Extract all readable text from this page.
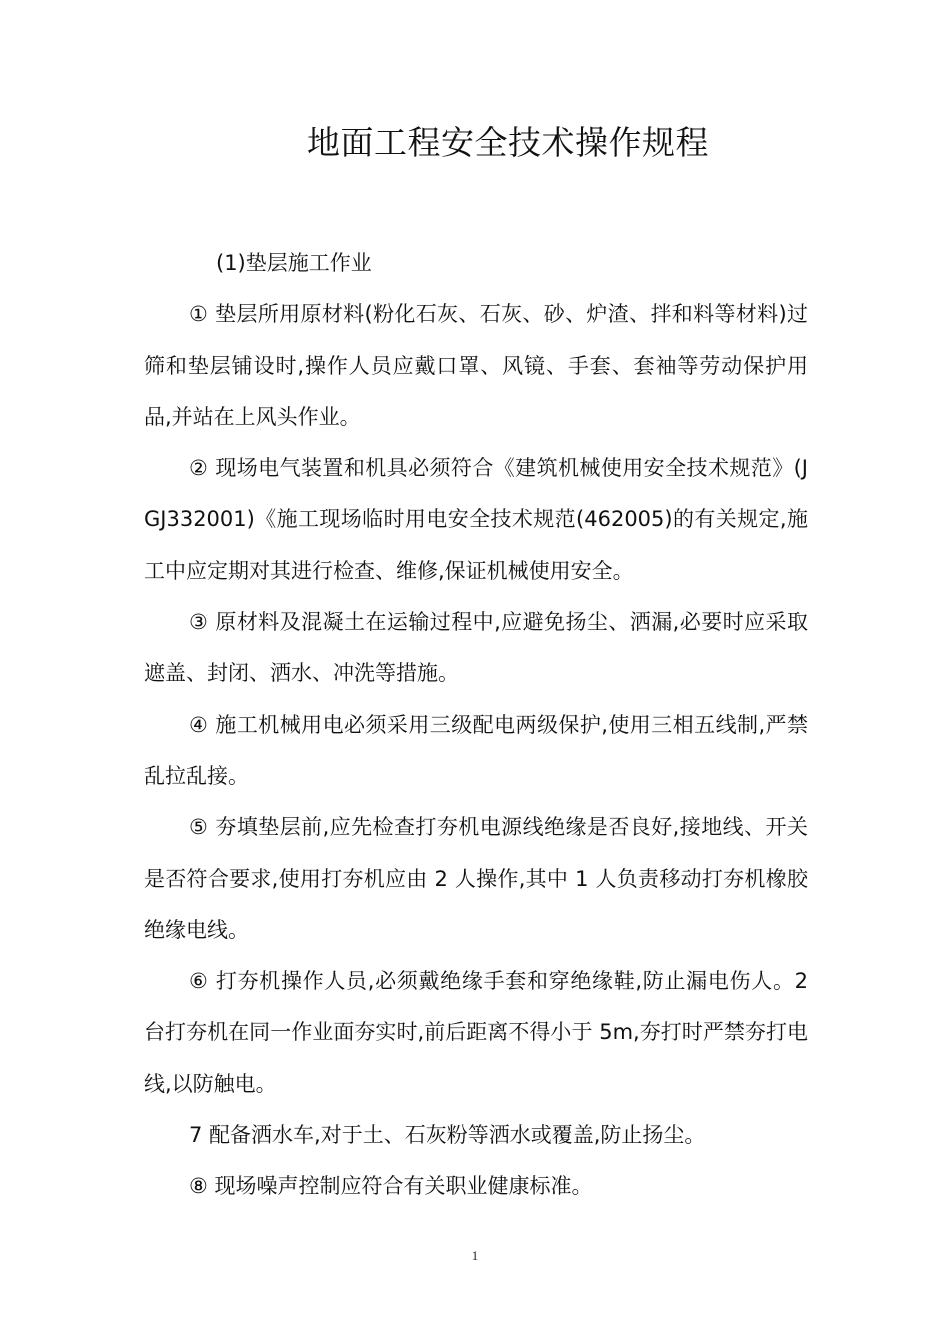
地面工程安全技术操作规程

(1)垫层施工作业

① 垫层所用原材料(粉化石灰、石灰、砂、炉渣、拌和料等材料)过筛和垫层铺设时,操作人员应戴口罩、风镜、手套、套袖等劳动保护用品,并站在上风头作业。

② 现场电气装置和机具必须符合《建筑机械使用安全技术规范》(JGJ332001)《施工现场临时用电安全技术规范(462005)的有关规定,施工中应定期对其进行检查、维修,保证机械使用安全。

③ 原材料及混凝土在运输过程中,应避免扬尘、洒漏,必要时应采取遮盖、封闭、洒水、冲洗等措施。

④ 施工机械用电必须采用三级配电两级保护,使用三相五线制,严禁乱拉乱接。

⑤ 夯填垫层前,应先检查打夯机电源线绝缘是否良好,接地线、开关是否符合要求,使用打夯机应由 2 人操作,其中 1 人负责移动打夯机橡胶绝缘电线。

⑥ 打夯机操作人员,必须戴绝缘手套和穿绝缘鞋,防止漏电伤人。2 台打夯机在同一作业面夯实时,前后距离不得小于 5m,夯打时严禁夯打电线,以防触电。

7 配备洒水车,对于土、石灰粉等洒水或覆盖,防止扬尘。

⑧ 现场噪声控制应符合有关职业健康标准。

1
